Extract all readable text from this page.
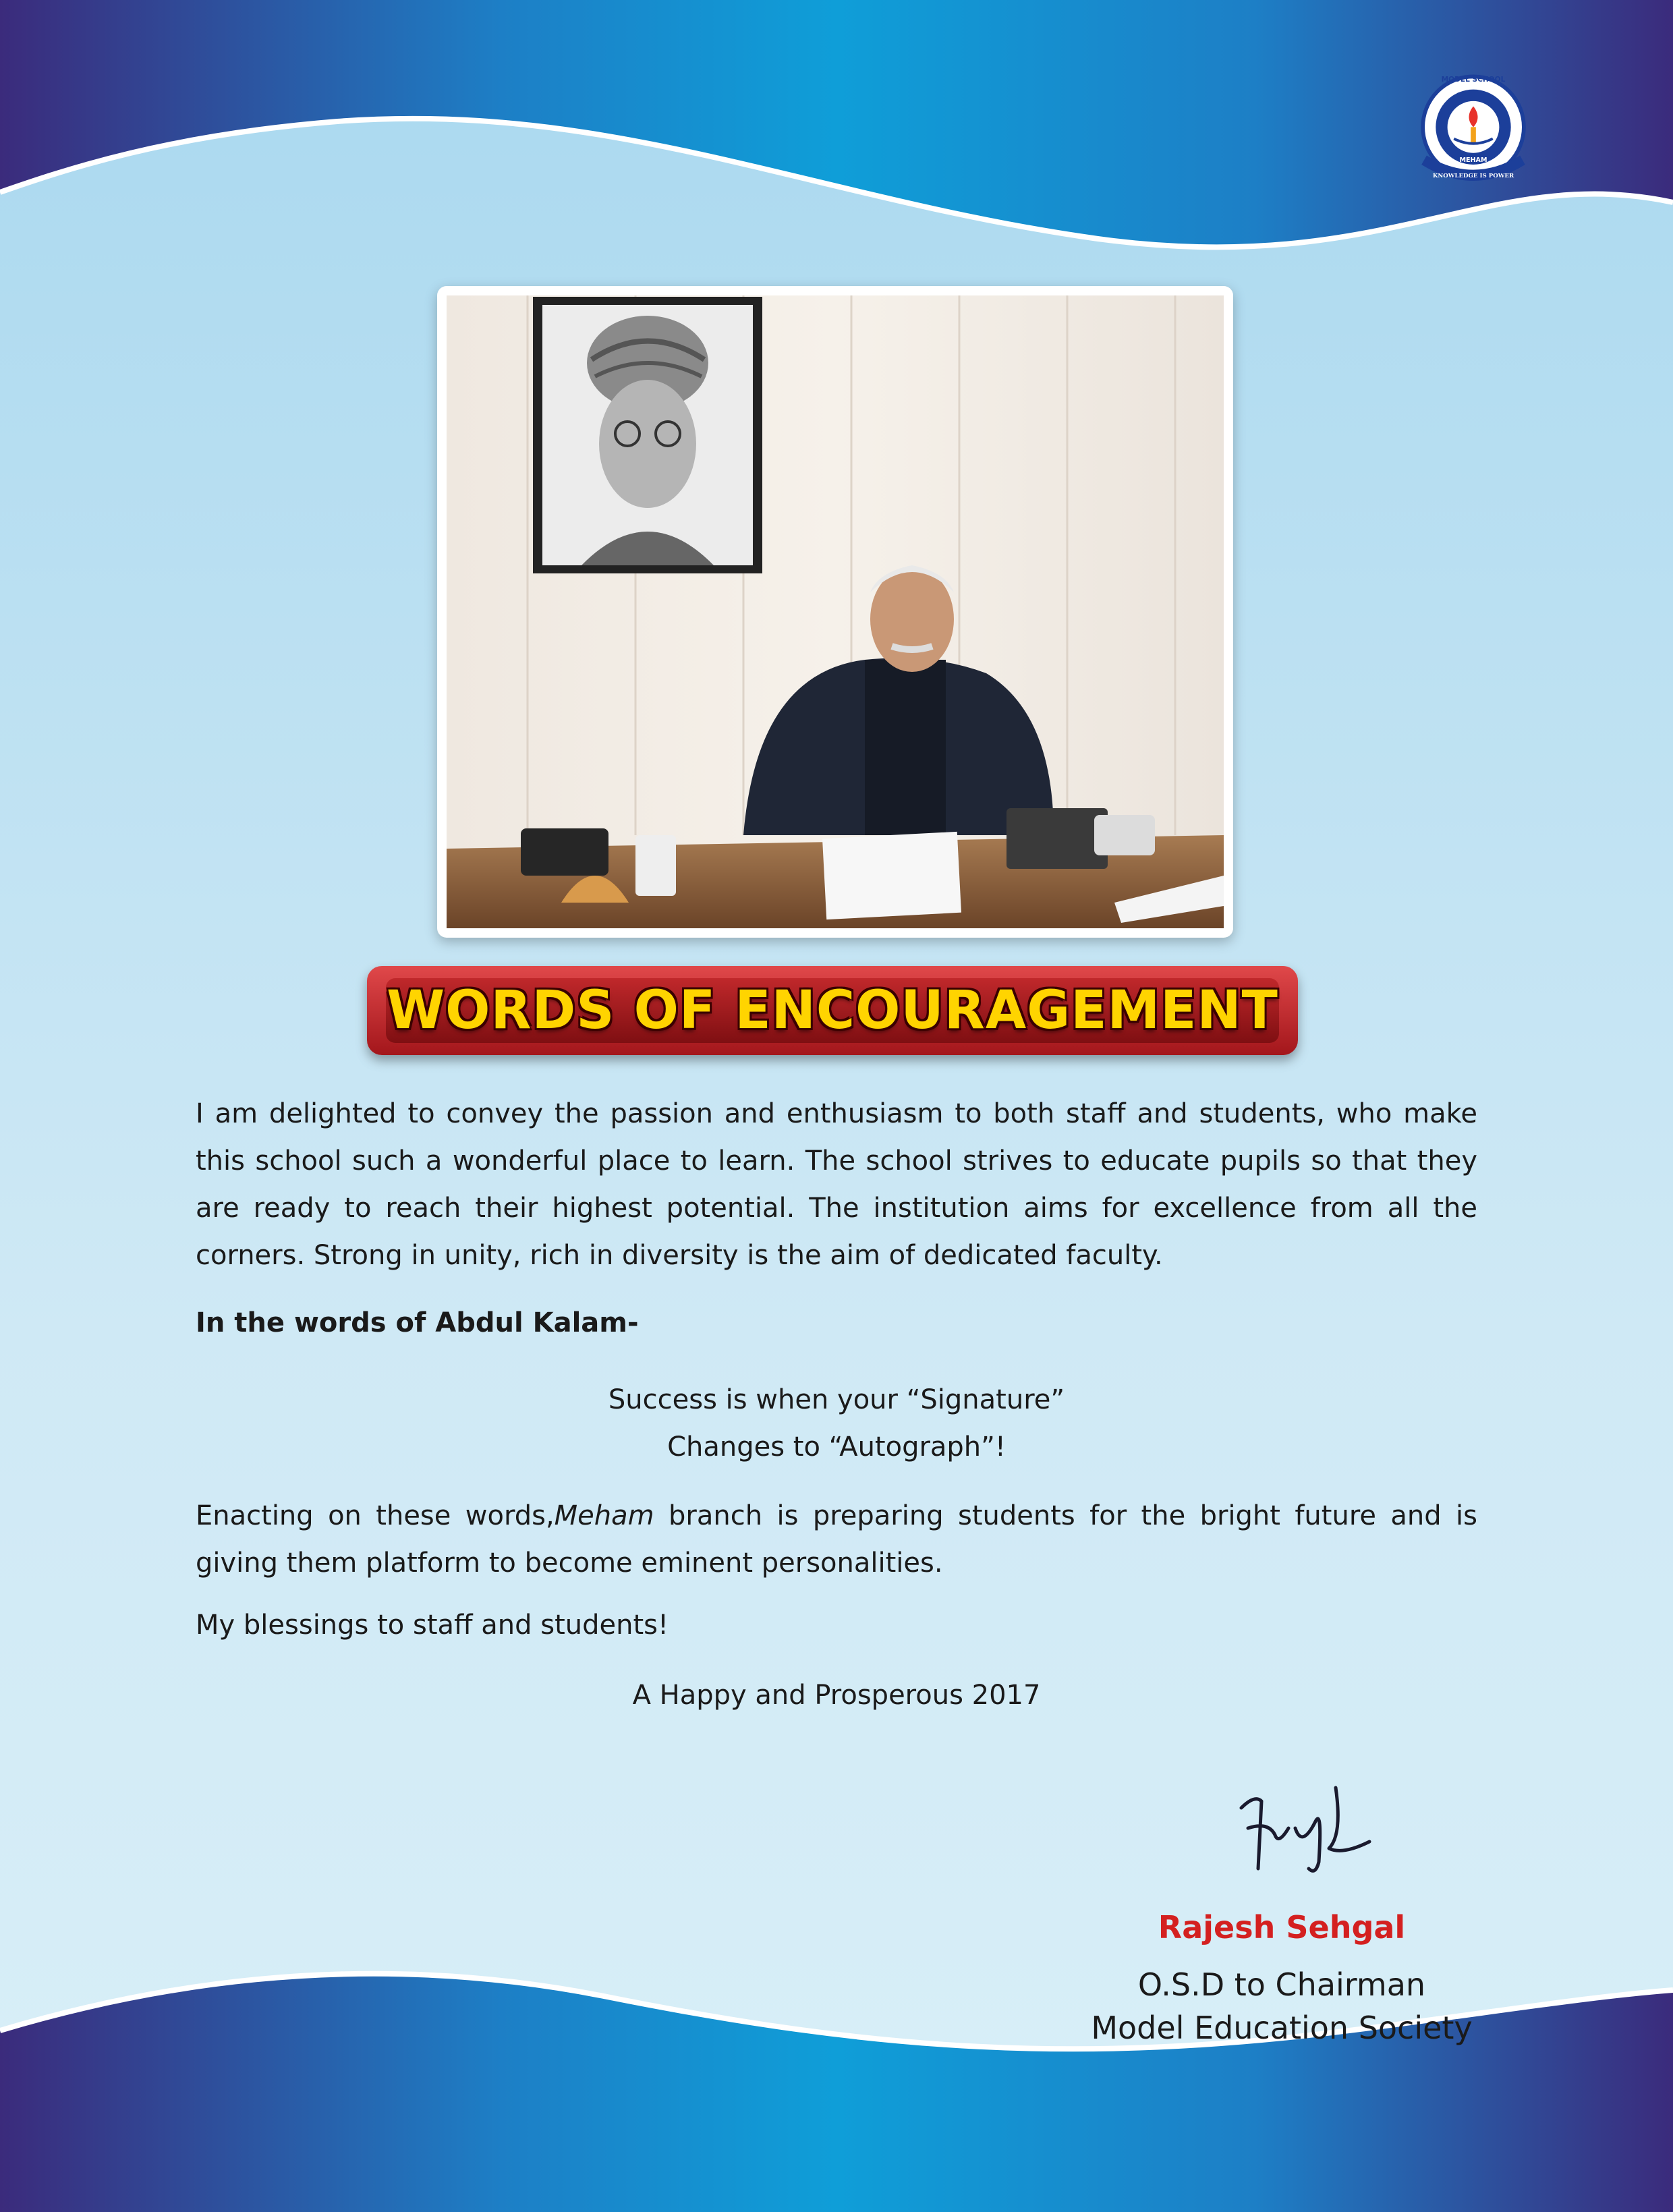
MODEL SCHOOL
MEHAM
KNOWLEDGE IS POWER
WORDS OF ENCOURAGEMENT
I am delighted to convey the passion and enthusiasm to both staff and students, who make this school such a wonderful place to learn. The school strives to educate pupils so that they are ready to reach their highest potential. The institution aims for excellence from all the corners. Strong in unity, rich in diversity is the aim of dedicated faculty.
In the words of Abdul Kalam-
Success is when your “Signature”
Changes to “Autograph”!
Enacting on these words,Meham branch is preparing students for the bright future and is giving them platform to become eminent personalities.
My blessings to staff and students!
A Happy and Prosperous 2017
Rajesh Sehgal
O.S.D to Chairman
Model Education Society
